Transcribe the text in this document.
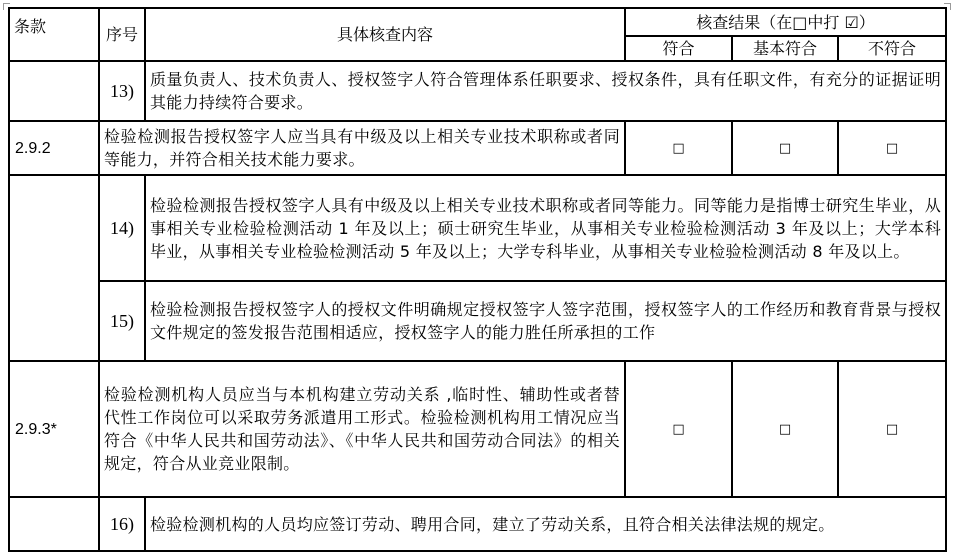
条款	序号	具体核查内容	核查结果（在□中打 ☑）		
			符合	基本符合	不符合
	13)	质量负责人、技术负责人、授权签字人符合管理体系任职要求、授权条件，具有任职文件，有充分的证据证明其能力持续符合要求。			
2.9.2	检验检测报告授权签字人应当具有中级及以上相关专业技术职称或者同等能力，并符合相关技术能力要求。		□	□	□
	14)	检验检测报告授权签字人具有中级及以上相关专业技术职称或者同等能力。同等能力是指博士研究生毕业，从事相关专业检验检测活动 1 年及以上；硕士研究生毕业，从事相关专业检验检测活动 3 年及以上；大学本科毕业，从事相关专业检验检测活动 5 年及以上；大学专科毕业，从事相关专业检验检测活动 8 年及以上。			
	15)	检验检测报告授权签字人的授权文件明确规定授权签字人签字范围，授权签字人的工作经历和教育背景与授权文件规定的签发报告范围相适应，授权签字人的能力胜任所承担的工作			
2.9.3*	检验检测机构人员应当与本机构建立劳动关系 ,临时性、辅助性或者替代性工作岗位可以采取劳务派遣用工形式。检验检测机构用工情况应当符合《中华人民共和国劳动法》、《中华人民共和国劳动合同法》的相关规定，符合从业竞业限制。		□	□	□
	16)	检验检测机构的人员均应签订劳动、聘用合同，建立了劳动关系，且符合相关法律法规的规定。			
